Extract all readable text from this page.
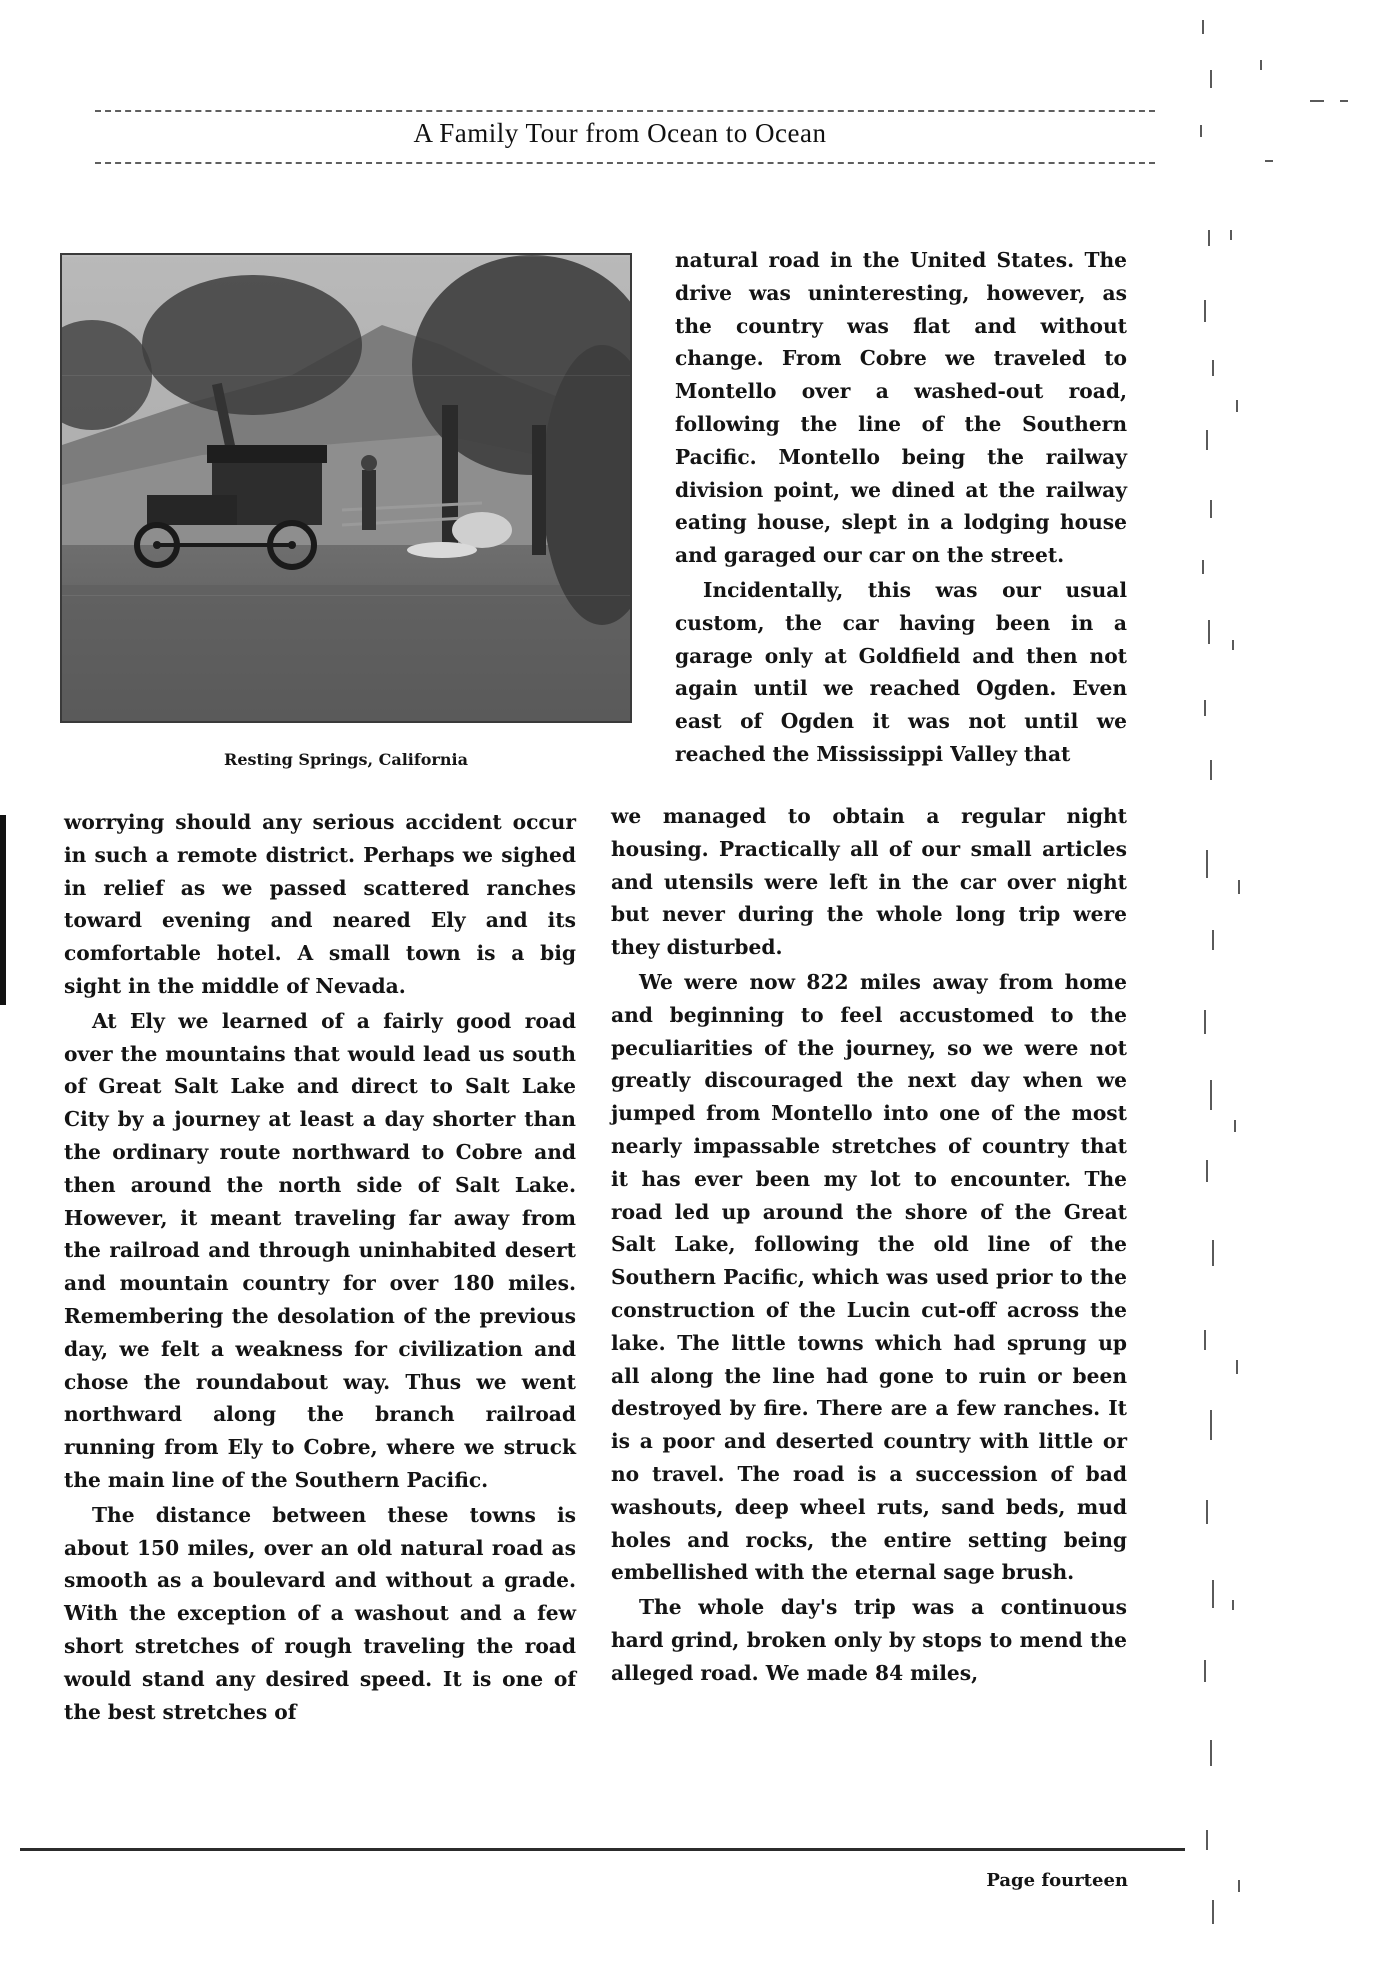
A Family Tour from Ocean to Ocean
Resting Springs, California

natural road in the United States. The drive was uninteresting, however, as the country was flat and without change. From Cobre we traveled to Montello over a washed-out road, following the line of the Southern Pacific. Montello being the railway division point, we dined at the railway eating house, slept in a lodging house and garaged our car on the street.

Incidentally, this was our usual custom, the car having been in a garage only at Goldfield and then not again until we reached Ogden. Even east of Ogden it was not until we reached the Mississippi Valley that

worrying should any serious accident occur in such a remote district. Perhaps we sighed in relief as we passed scattered ranches toward evening and neared Ely and its comfortable hotel. A small town is a big sight in the middle of Nevada.

At Ely we learned of a fairly good road over the mountains that would lead us south of Great Salt Lake and direct to Salt Lake City by a journey at least a day shorter than the ordinary route northward to Cobre and then around the north side of Salt Lake. However, it meant traveling far away from the railroad and through uninhabited desert and mountain country for over 180 miles. Remembering the desolation of the previous day, we felt a weakness for civilization and chose the roundabout way. Thus we went northward along the branch railroad running from Ely to Cobre, where we struck the main line of the Southern Pacific.

The distance between these towns is about 150 miles, over an old natural road as smooth as a boulevard and without a grade. With the exception of a washout and a few short stretches of rough traveling the road would stand any desired speed. It is one of the best stretches of

we managed to obtain a regular night housing. Practically all of our small articles and utensils were left in the car over night but never during the whole long trip were they disturbed.

We were now 822 miles away from home and beginning to feel accustomed to the peculiarities of the journey, so we were not greatly discouraged the next day when we jumped from Montello into one of the most nearly impassable stretches of country that it has ever been my lot to encounter. The road led up around the shore of the Great Salt Lake, following the old line of the Southern Pacific, which was used prior to the construction of the Lucin cut-off across the lake. The little towns which had sprung up all along the line had gone to ruin or been destroyed by fire. There are a few ranches. It is a poor and deserted country with little or no travel. The road is a succession of bad washouts, deep wheel ruts, sand beds, mud holes and rocks, the entire setting being embellished with the eternal sage brush.

The whole day's trip was a continuous hard grind, broken only by stops to mend the alleged road. We made 84 miles,

Page fourteen
